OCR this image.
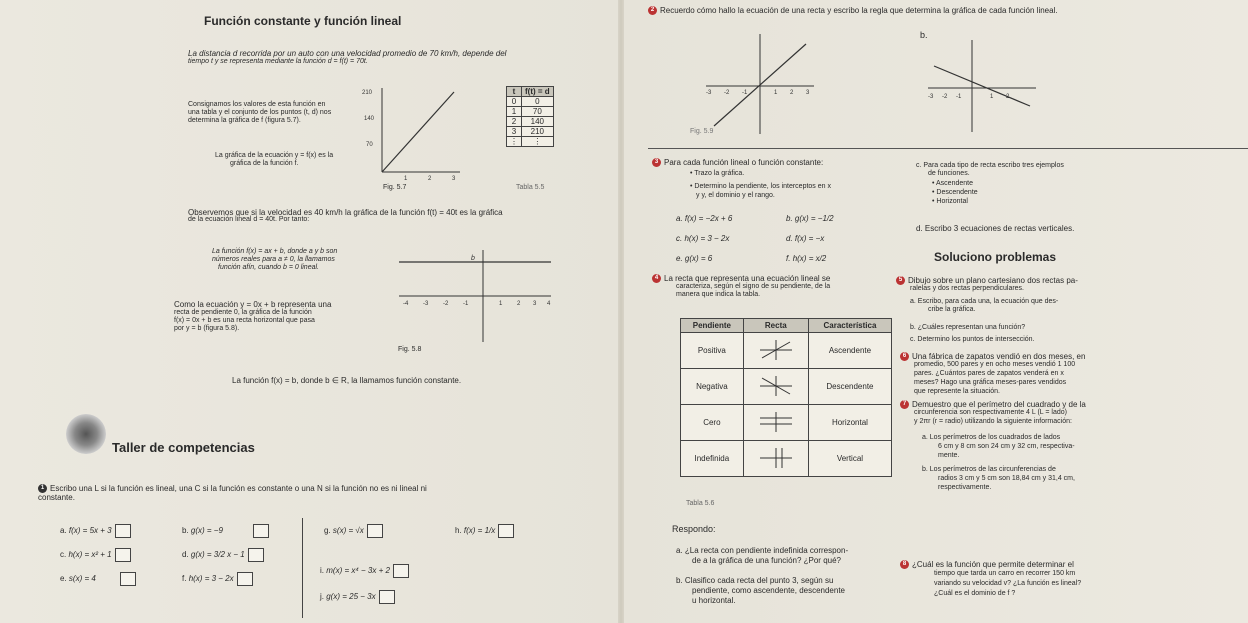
Función constante y función lineal
La distancia d recorrida por un auto con una velocidad promedio de 70 km/h, depende del
tiempo t y se representa mediante la función d = f(t) = 70t.
Consignamos los valores de esta función en
una tabla y el conjunto de los puntos (t, d) nos
determina la gráfica de f (figura 5.7).
210
140
70
1	2	3
Fig. 5.7
t	f(t) = d
0	0
1	70
2	140
3	210
⋮	⋮
Tabla 5.5
La gráfica de la ecuación y = f(x) es la
gráfica de la función f.
Observemos que si la velocidad es 40 km/h la gráfica de la función f(t) = 40t es la gráfica
de la ecuación lineal d = 40t. Por tanto:
La función f(x) = ax + b, donde a y b son
números reales para a ≠ 0, la llamamos
función afín, cuando b = 0 lineal.
Como la ecuación y = 0x + b representa una
recta de pendiente 0, la gráfica de la función
f(x) = 0x + b es una recta horizontal que pasa
por y = b (figura 5.8).
b
-4 -3 -2 -1	1 2 3 4
Fig. 5.8
La función f(x) = b, donde b ∈ R, la llamamos función constante.
Taller de competencias
1 Escribo una L si la función es lineal, una C si la función es constante o una N si la función no es ni lineal ni
constante.
a. f(x) = 5x + 3	b. g(x) = −9	g. s(x) = √x	h. f(x) = 1/x
c. h(x) = x² + 1	d. g(x) = 3/2 x − 1
i. m(x) = x⁴ − 3x + 2
e. s(x) = 4	f. h(x) = 3 − 2x
j. g(x) = 25 − 3x
2 Recuerdo cómo hallo la ecuación de una recta y escribo la regla que determina la gráfica de cada función lineal.
-3 -2 -1	1 2 3
Fig. 5.9
b.
-3 -2 -1	1 2
3 Para cada función lineal o función constante:
• Trazo la gráfica.
• Determino la pendiente, los interceptos en x
y y, el dominio y el rango.
a. f(x) = −2x + 6	b. g(x) = −1/2
c. h(x) = 3 − 2x	d. f(x) = −x
e. g(x) = 6	f. h(x) = x/2
c. Para cada tipo de recta escribo tres ejemplos
de funciones.
• Ascendente
• Descendente
• Horizontal
d. Escribo 3 ecuaciones de rectas verticales.
Soluciono problemas
4 La recta que representa una ecuación lineal se
caracteriza, según el signo de su pendiente, de la
manera que indica la tabla.
Pendiente	Recta	Característica
Positiva		Ascendente
Negativa		Descendente
Cero		Horizontal
Indefinida		Vertical
Tabla 5.6
Respondo:
a. ¿La recta con pendiente indefinida correspon-
de a la gráfica de una función? ¿Por qué?
b. Clasifico cada recta del punto 3, según su
pendiente, como ascendente, descendente
u horizontal.
5 Dibujo sobre un plano cartesiano dos rectas pa-
ralelas y dos rectas perpendiculares.
a. Escribo, para cada una, la ecuación que des-
cribe la gráfica.
b. ¿Cuáles representan una función?
c. Determino los puntos de intersección.
6 Una fábrica de zapatos vendió en dos meses, en
promedio, 500 pares y en ocho meses vendió 1 100
pares. ¿Cuántos pares de zapatos venderá en x
meses? Hago una gráfica meses-pares vendidos
que represente la situación.
7 Demuestro que el perímetro del cuadrado y de la
circunferencia son respectivamente 4 L (L = lado)
y 2πr (r = radio) utilizando la siguiente información:
a. Los perímetros de los cuadrados de lados
6 cm y 8 cm son 24 cm y 32 cm, respectiva-
mente.
b. Los perímetros de las circunferencias de
radios 3 cm y 5 cm son 18,84 cm y 31,4 cm,
respectivamente.
8 ¿Cuál es la función que permite determinar el
tiempo que tarda un carro en recorrer 150 km
variando su velocidad v? ¿La función es lineal?
¿Cuál es el dominio de f ?
